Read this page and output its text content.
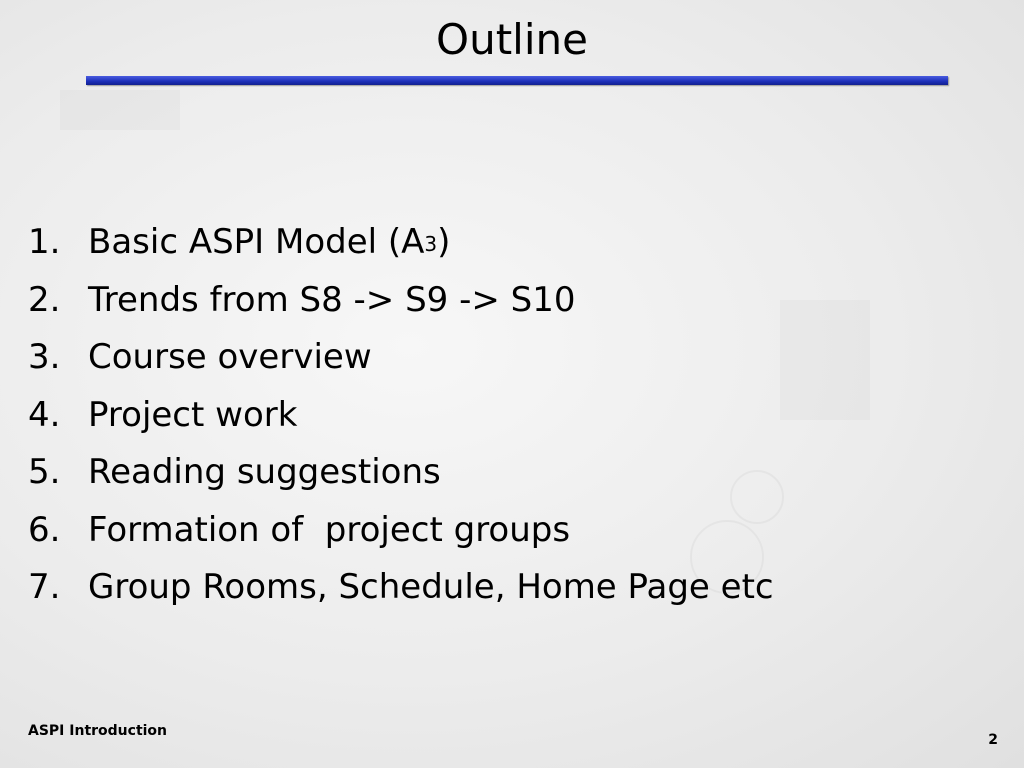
Outline
1. Basic ASPI Model $(A^3)$
2. Trends from S8 -> S9 -> S10
3. Course overview
4. Project work
5. Reading suggestions
6. Formation of  project groups
7. Group Rooms, Schedule, Home Page etc
ASPI Introduction
2
